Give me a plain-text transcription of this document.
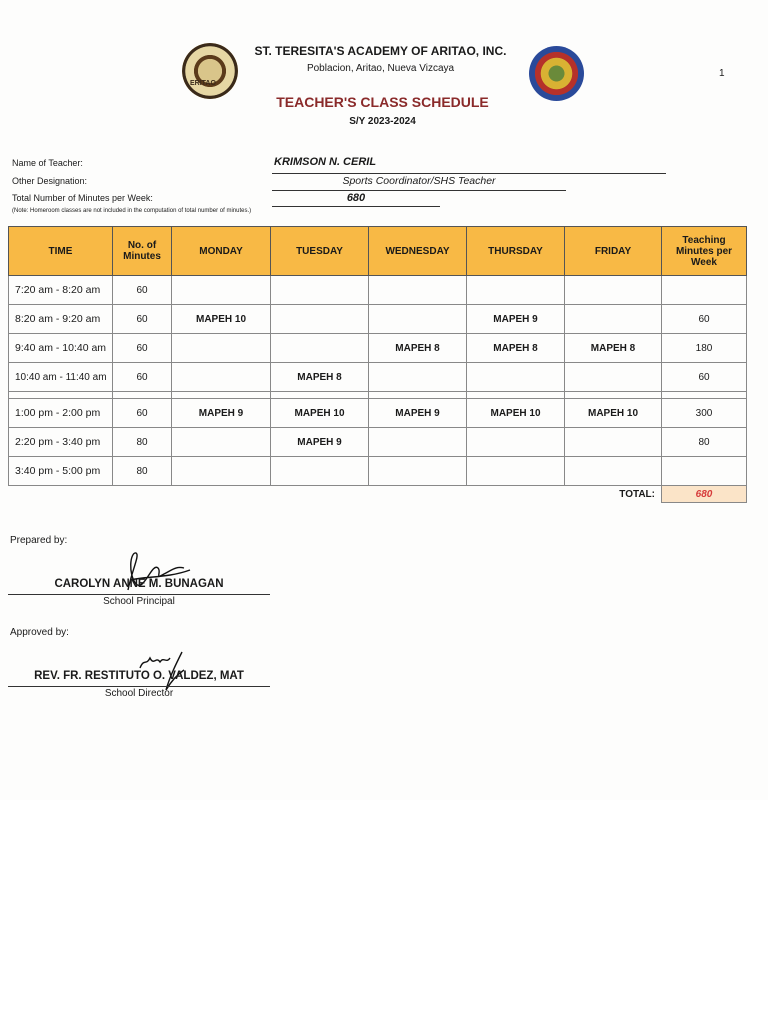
1
ERITAO
ST. TERESITA'S ACADEMY OF ARITAO, INC.
Poblacion, Aritao, Nueva Vizcaya
TEACHER'S CLASS SCHEDULE
S/Y 2023-2024
Name of Teacher:	KRIMSON N. CERIL
Other Designation:	Sports Coordinator/SHS Teacher
Total Number of Minutes per Week:	680
(Note: Homeroom classes are not included in the computation of total number of minutes.)
TIME	No. of Minutes	MONDAY	TUESDAY	WEDNESDAY	THURSDAY	FRIDAY	Teaching Minutes per Week
7:20 am - 8:20 am	60						
8:20 am - 9:20 am	60	MAPEH 10			MAPEH 9		60
9:40 am - 10:40 am	60			MAPEH 8	MAPEH 8	MAPEH 8	180
10:40 am - 11:40 am	60		MAPEH 8				60

1:00 pm - 2:00 pm	60	MAPEH 9	MAPEH 10	MAPEH 9	MAPEH 10	MAPEH 10	300
2:20 pm - 3:40 pm	80		MAPEH 9				80
3:40 pm - 5:00 pm	80						
TOTAL:							680
Prepared by:
CAROLYN ANNE M. BUNAGAN
School Principal
Approved by:
REV. FR. RESTITUTO O. VALDEZ, MAT
School Director
